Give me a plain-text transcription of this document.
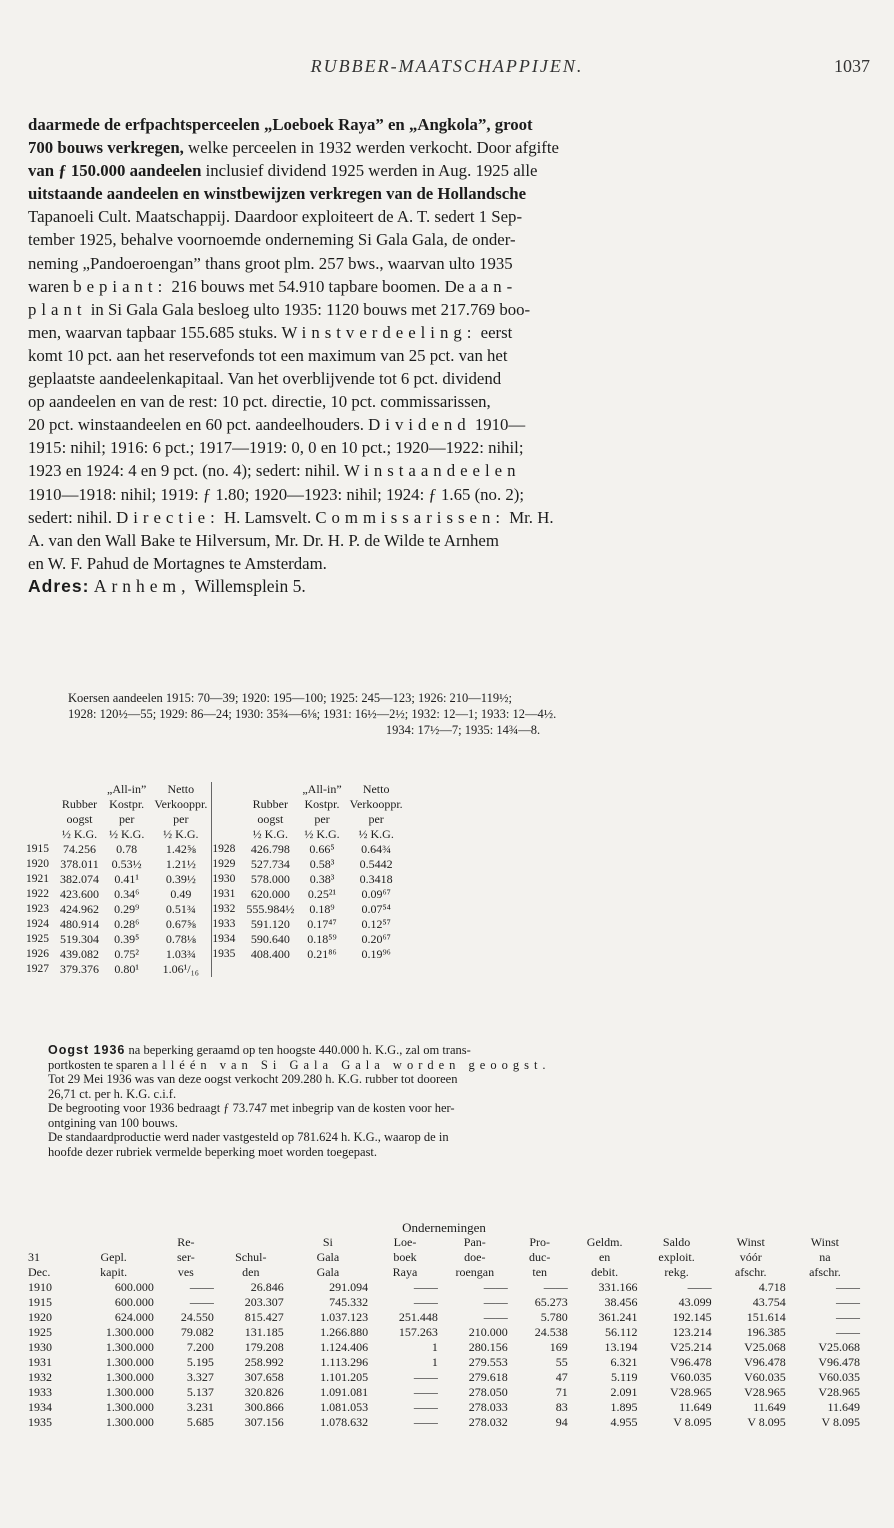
RUBBER-MAATSCHAPPIJEN.	1037

daarmede de erfpachtsperceelen „Loeboek Raya” en „Angkola”, groot

700 bouws verkregen, welke perceelen in 1932 werden verkocht. Door afgifte

van ƒ 150.000 aandeelen inclusief dividend 1925 werden in Aug. 1925 alle

uitstaande aandeelen en winstbewijzen verkregen van de Hollandsche

Tapanoeli Cult. Maatschappij. Daardoor exploiteert de A. T. sedert 1 Sep-

tember 1925, behalve voornoemde onderneming Si Gala Gala, de onder-

neming „Pandoeroengan” thans groot plm. 257 bws., waarvan ulto 1935

waren bepiant: 216 bouws met 54.910 tapbare boomen. De aan-

plant in Si Gala Gala besloeg ulto 1935: 1120 bouws met 217.769 boo-

men, waarvan tapbaar 155.685 stuks. Winstverdeeling: eerst

komt 10 pct. aan het reservefonds tot een maximum van 25 pct. van het

geplaatste aandeelenkapitaal. Van het overblijvende tot 6 pct. dividend

op aandeelen en van de rest: 10 pct. directie, 10 pct. commissarissen,

20 pct. winstaandeelen en 60 pct. aandeelhouders. Dividend 1910—

1915: nihil; 1916: 6 pct.; 1917—1919: 0, 0 en 10 pct.; 1920—1922: nihil;

1923 en 1924: 4 en 9 pct. (no. 4); sedert: nihil. Winstaandeelen

1910—1918: nihil; 1919: ƒ 1.80; 1920—1923: nihil; 1924: ƒ 1.65 (no. 2);

sedert: nihil. Directie: H. Lamsvelt. Commissarissen: Mr. H.

A. van den Wall Bake te Hilversum, Mr. Dr. H. P. de Wilde te Arnhem

en W. F. Pahud de Mortagnes te Amsterdam.

Adres: Arnhem, Willemsplein 5.

Koersen aandeelen 1915: 70—39; 1920: 195—100; 1925: 245—123; 1926: 210—119½;
1928: 120½—55; 1929: 86—24; 1930: 35¾—6⅛; 1931: 16½—2½; 1932: 12—1; 1933: 12—4½.
1934: 17½—7; 1935: 14¾—8.
		„All-in”	Netto			„All-in”	Netto
	Rubber	Kostpr.	Verkooppr.		Rubber	Kostpr.	Verkooppr.
	oogst	per	per		oogst	per	per
	½ K.G.	½ K.G.	½ K.G.		½ K.G.	½ K.G.	½ K.G.
1915	74.256	0.78	1.42⅝	1928	426.798	0.66⁵	0.64¾
1920	378.011	0.53½	1.21½	1929	527.734	0.58³	0.5442
1921	382.074	0.41¹	0.39½	1930	578.000	0.38³	0.3418
1922	423.600	0.34⁶	0.49	1931	620.000	0.25²¹	0.09⁶⁷
1923	424.962	0.29⁹	0.51¾	1932	555.984½	0.18⁹	0.07⁵⁴
1924	480.914	0.28⁶	0.67⅝	1933	591.120	0.17⁴⁷	0.12⁵⁷
1925	519.304	0.39⁵	0.78⅛	1934	590.640	0.18⁵⁹	0.20⁶⁷
1926	439.082	0.75²	1.03¾	1935	408.400	0.21⁸⁶	0.19⁹⁶
1927	379.376	0.80¹	1.06¹/₁₆				

Oogst 1936 na beperking geraamd op ten hoogste 440.000 h. K.G., zal om trans-

portkosten te sparen alléén van Si Gala Gala worden geoogst.

Tot 29 Mei 1936 was van deze oogst verkocht 209.280 h. K.G. rubber tot dooreen

26,71 ct. per h. K.G. c.i.f.

De begrooting voor 1936 bedraagt ƒ 73.747 met inbegrip van de kosten voor her-

ontgining van 100 bouws.

De standaardproductie werd nader vastgesteld op 781.624 h. K.G., waarop de in

hoofde dezer rubriek vermelde beperking moet worden toegepast.

Ondernemingen
		Re-		Si	Loe-	Pan-	Pro-	Geldm.	Saldo	Winst	Winst
31	Gepl.	ser-	Schul-	Gala	boek	doe-	duc-	en	exploit.	vóór	na
Dec.	kapit.	ves	den	Gala	Raya	roengan	ten	debit.	rekg.	afschr.	afschr.
1910	600.000	——	26.846	291.094	——	——	——	331.166	——	4.718	——
1915	600.000	——	203.307	745.332	——	——	65.273	38.456	43.099	43.754	——
1920	624.000	24.550	815.427	1.037.123	251.448	——	5.780	361.241	192.145	151.614	——
1925	1.300.000	79.082	131.185	1.266.880	157.263	210.000	24.538	56.112	123.214	196.385	——
1930	1.300.000	7.200	179.208	1.124.406	1	280.156	169	13.194	V25.214	V25.068	V25.068
1931	1.300.000	5.195	258.992	1.113.296	1	279.553	55	6.321	V96.478	V96.478	V96.478
1932	1.300.000	3.327	307.658	1.101.205	——	279.618	47	5.119	V60.035	V60.035	V60.035
1933	1.300.000	5.137	320.826	1.091.081	——	278.050	71	2.091	V28.965	V28.965	V28.965
1934	1.300.000	3.231	300.866	1.081.053	——	278.033	83	1.895	11.649	11.649	11.649
1935	1.300.000	5.685	307.156	1.078.632	——	278.032	94	4.955	V 8.095	V 8.095	V 8.095
